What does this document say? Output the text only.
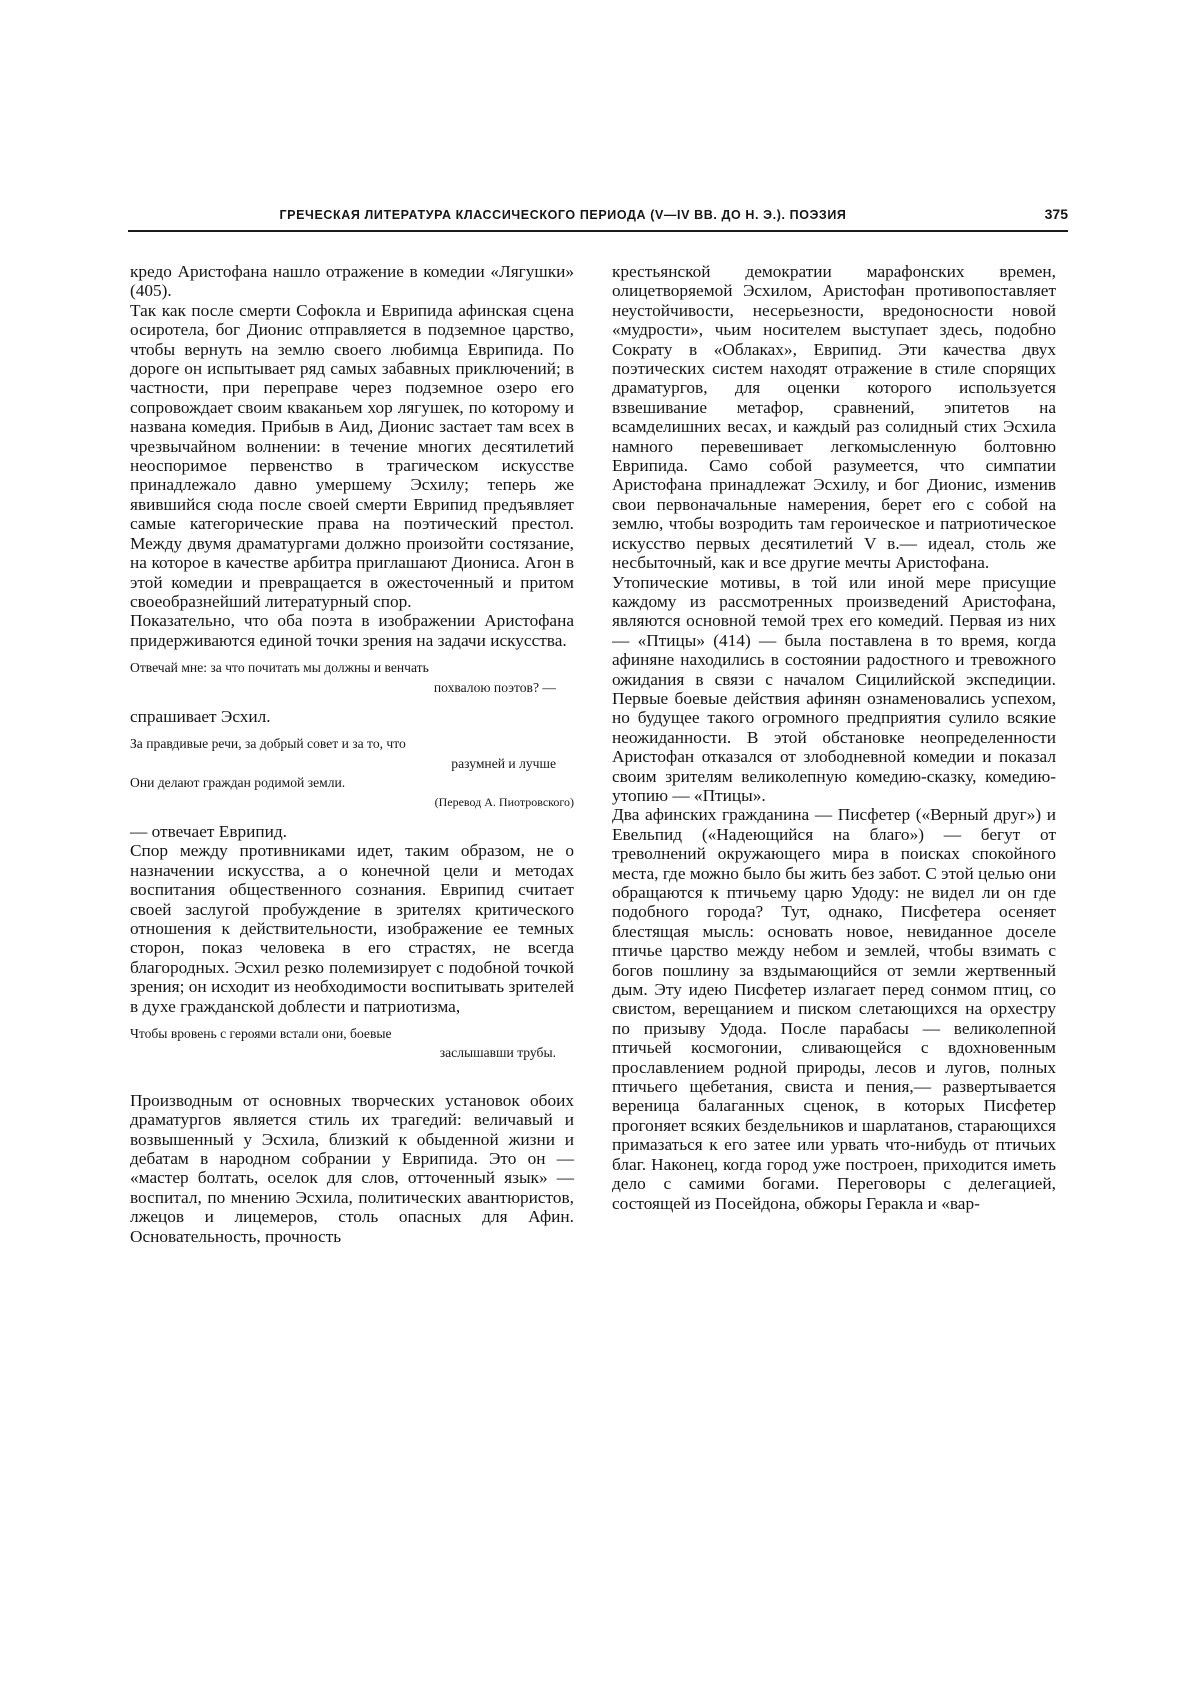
ГРЕЧЕСКАЯ ЛИТЕРАТУРА КЛАССИЧЕСКОГО ПЕРИОДА (V—IV ВВ. ДО Н. Э.). ПОЭЗИЯ	375
кредо Аристофана нашло отражение в комедии «Лягушки» (405).
Так как после смерти Софокла и Еврипида афинская сцена осиротела, бог Дионис отправляется в подземное царство, чтобы вернуть на землю своего любимца Еврипида. По дороге он испытывает ряд самых забавных приключений; в частности, при переправе через подземное озеро его сопровождает своим кваканьем хор лягушек, по которому и названа комедия. Прибыв в Аид, Дионис застает там всех в чрезвычайном волнении: в течение многих десятилетий неоспоримое первенство в трагическом искусстве принадлежало давно умершему Эсхилу; теперь же явившийся сюда после своей смерти Еврипид предъявляет самые категорические права на поэтический престол. Между двумя драматургами должно произойти состязание, на которое в качестве арбитра приглашают Диониса. Агон в этой комедии и превращается в ожесточенный и притом своеобразнейший литературный спор.
Показательно, что оба поэта в изображении Аристофана придерживаются единой точки зрения на задачи искусства.
Отвечай мне: за что почитать мы должны и венчать
похвалою поэтов? —
спрашивает Эсхил.
За правдивые речи, за добрый совет и за то, что
разумней и лучше
Они делают граждан родимой земли.
(Перевод А. Пиотровского)
— отвечает Еврипид.
Спор между противниками идет, таким образом, не о назначении искусства, а о конечной цели и методах воспитания общественного сознания. Еврипид считает своей заслугой пробуждение в зрителях критического отношения к действительности, изображение ее темных сторон, показ человека в его страстях, не всегда благородных. Эсхил резко полемизирует с подобной точкой зрения; он исходит из необходимости воспитывать зрителей в духе гражданской доблести и патриотизма,
Чтобы вровень с героями встали они, боевые
заслышавши трубы.
Производным от основных творческих установок обоих драматургов является стиль их трагедий: величавый и возвышенный у Эсхила, близкий к обыденной жизни и дебатам в народном собрании у Еврипида. Это он — «мастер болтать, оселок для слов, отточенный язык» — воспитал, по мнению Эсхила, политических авантюристов, лжецов и лицемеров, столь опасных для Афин. Основательность, прочность
крестьянской демократии марафонских времен, олицетворяемой Эсхилом, Аристофан противопоставляет неустойчивости, несерьезности, вредоносности новой «мудрости», чьим носителем выступает здесь, подобно Сократу в «Облаках», Еврипид. Эти качества двух поэтических систем находят отражение в стиле спорящих драматургов, для оценки которого используется взвешивание метафор, сравнений, эпитетов на всамделишних весах, и каждый раз солидный стих Эсхила намного перевешивает легкомысленную болтовню Еврипида. Само собой разумеется, что симпатии Аристофана принадлежат Эсхилу, и бог Дионис, изменив свои первоначальные намерения, берет его с собой на землю, чтобы возродить там героическое и патриотическое искусство первых десятилетий V в.— идеал, столь же несбыточный, как и все другие мечты Аристофана.
Утопические мотивы, в той или иной мере присущие каждому из рассмотренных произведений Аристофана, являются основной темой трех его комедий. Первая из них — «Птицы» (414) — была поставлена в то время, когда афиняне находились в состоянии радостного и тревожного ожидания в связи с началом Сицилийской экспедиции. Первые боевые действия афинян ознаменовались успехом, но будущее такого огромного предприятия сулило всякие неожиданности. В этой обстановке неопределенности Аристофан отказался от злободневной комедии и показал своим зрителям великолепную комедию-сказку, комедию-утопию — «Птицы».
Два афинских гражданина — Писфетер («Верный друг») и Евельпид («Надеющийся на благо») — бегут от треволнений окружающего мира в поисках спокойного места, где можно было бы жить без забот. С этой целью они обращаются к птичьему царю Удоду: не видел ли он где подобного города? Тут, однако, Писфетера осеняет блестящая мысль: основать новое, невиданное доселе птичье царство между небом и землей, чтобы взимать с богов пошлину за вздымающийся от земли жертвенный дым. Эту идею Писфетер излагает перед сонмом птиц, со свистом, верещанием и писком слетающихся на орхестру по призыву Удода. После парабасы — великолепной птичьей космогонии, сливающейся с вдохновенным прославлением родной природы, лесов и лугов, полных птичьего щебетания, свиста и пения,— развертывается вереница балаганных сценок, в которых Писфетер прогоняет всяких бездельников и шарлатанов, старающихся примазаться к его затее или урвать что-нибудь от птичьих благ. Наконец, когда город уже построен, приходится иметь дело с самими богами. Переговоры с делегацией, состоящей из Посейдона, обжоры Геракла и «вар-
